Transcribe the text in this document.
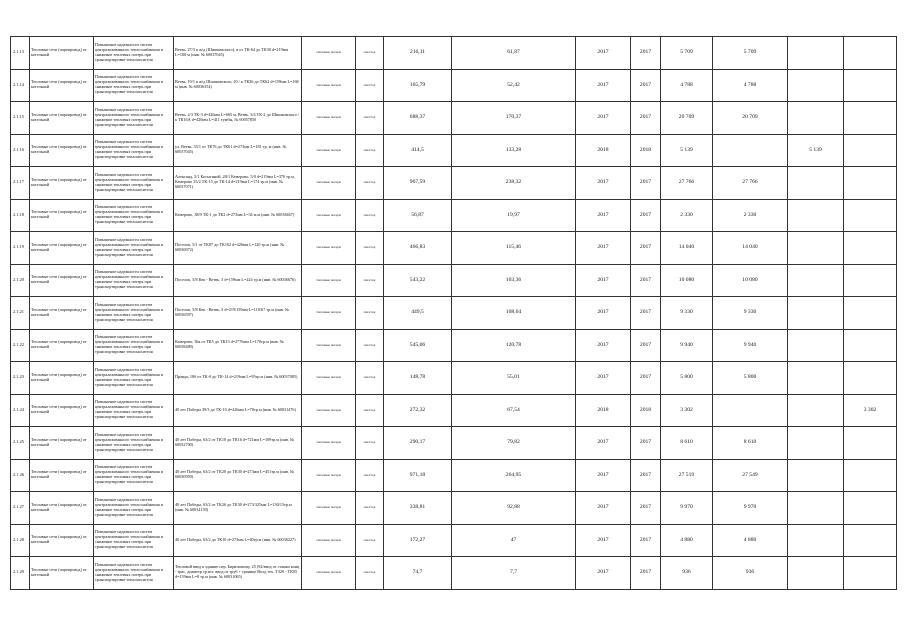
2.1.13	Тепловые сети (паропровод) от котельной	Повышение надежности систем централизованного теплоснабжения и снижение тепловых потерь при транспортировке теплоносителя	Ветвь, 27/3 к ж/д (Шишковского), в от ТК-64 до ТК30 d=219мм L=100 м (инв. № 60037045)	тепловые потери	гкал/год	216,11	61,87	2017	2017	5 709	5 709		
2.1.14	Тепловые сети (паропровод) от котельной	Повышение надежности систем централизованного теплоснабжения и снижение тепловых потерь при транспортировке теплоносителя	Ветвь, 19/1 к ж/д Шишковского, 20 / к ТК36 до ТК62 d=159мм L=168 м (инв. № 60036354)	тепловые потери	гкал/год	165,79	52,42	2017	2017	4 788	4 788		
2.1.15	Тепловые сети (паропровод) от котельной	Повышение надежности систем централизованного теплоснабжения и снижение тепловых потерь при транспортировке теплоносителя	Ветвь, 2/3 ТК-3 d=426мм L=665 м, Ветвь, 3/4 ТК-2 до Шишковского / к ТК16А d=426мм L=411 тумбы, № 60057850	тепловые потери	гкал/год	688,37	170,37	2017	2017	20 709	20 709		
2.1.16	Тепловые сети (паропровод) от котельной	Повышение надежности систем централизованного теплоснабжения и снижение тепловых потерь при транспортировке теплоносителя	ул. Ветвь, 35/1 от ТК76 до ТК61 d=273мм L=181 тр. м (инв. № 60037045)	тепловые потери	гкал/год	414,5	133,28	2018	2018	5 139		5 139	
2.1.17	Тепловые сети (паропровод) от котельной	Повышение надежности систем централизованного теплоснабжения и снижение тепловых потерь при транспортировке теплоносителя	Александ, 5/1 Косыгиной, 20/1 Кемерово, 5/0 d=219мм L=370 тр.м, Кемерово 35/2 ТК-15 до ТК-14 d=219мм L=174 тр.м (инв. № 60037071)	тепловые потери	гкал/год	967,59	238,32	2017	2017	27 766	27 766		
2.1.18	Тепловые сети (паропровод) от котельной	Повышение надежности систем централизованного теплоснабжения и снижение тепловых потерь при транспортировке теплоносителя	Кемерово, 38/9 ТК-1 до ТК2 d=273мм L=34 м.м (инв. № 60038467)	тепловые потери	гкал/год	56,87	19,97	2017	2017	2 330	2 330		
2.1.19	Тепловые сети (паропровод) от котельной	Повышение надежности систем централизованного теплоснабжения и снижение тепловых потерь при транспортировке теплоносителя	Поселок, 5/1 от ТК87 до ТК102 d=426мм L=120 тр.м (инв. № 60036972)	тепловые потери	гкал/год	466,83	115,46	2017	2017	14 040	14 040		
2.1.20	Тепловые сети (паропровод) от котельной	Повышение надежности систем централизованного теплоснабжения и снижение тепловых потерь при транспортировке теплоносителя	Поселок, 5/8 Кек - Ветвь, 3 d=159мм L=224 тр.м (инв. № 60036676)	тепловые потери	гкал/год	543,22	103,36	2017	2017	10 080	10 080		
2.1.21	Тепловые сети (паропровод) от котельной	Повышение надежности систем централизованного теплоснабжения и снижение тепловых потерь при транспортировке теплоносителя	Поселок, 5/8 Кек - Ветвь, 3 d=219/159мм L=110/67 тр.м (инв. № 60036597)	тепловые потери	гкал/год	449,5	108,64	2017	2017	9 330	9 330		
2.1.22	Тепловые сети (паропровод) от котельной	Повышение надежности систем централизованного теплоснабжения и снижение тепловых потерь при транспортировке теплоносителя	Кемерово, 36а от ТК5 до ТК13 d=2*76мм L=170тр.м (инв. № 60038489)	тепловые потери	гкал/год	545,06	120,78	2017	2017	9 940	9 940		
2.1.23	Тепловые сети (паропровод) от котельной	Повышение надежности систем централизованного теплоснабжения и снижение тепловых потерь при транспортировке теплоносителя	Правда, 18б от ТК-0 до ТК-14 d=219мм L=95тр.м (инв. № 60037085)	тепловые потери	гкал/год	148,78	55,01	2017	2017	5 800	5 800		
2.1.24	Тепловые сети (паропровод) от котельной	Повышение надежности систем централизованного теплоснабжения и снижение тепловых потерь при транспортировке теплоносителя	40 лет Победы 39/3 до ТК-10 d=426мм L=70тр.м (инв. № 60031476)	тепловые потери	гкал/год	272,32	67,54	2018	2018	3 302			3 302
2.1.25	Тепловые сети (паропровод) от котельной	Повышение надежности систем централизованного теплоснабжения и снижение тепловых потерь при транспортировке теплоносителя	40 лет Победы, 63/2 от ТК10 до ТК16 d=721мм L=109тр.м (инв. № 60032700)	тепловые потери	гкал/год	290,17	79,82	2017	2017	8 610	8 610		
2.1.26	Тепловые сети (паропровод) от котельной	Повышение надежности систем централизованного теплоснабжения и снижение тепловых потерь при транспортировке теплоносителя	40 лет Победы, 63/2 от ТК20 до ТК30 d=273мм L=451тр.м (инв. № 60030950)	тепловые потери	гкал/год	971,18	264,95	2017	2017	27 519	27 549		
2.1.27	Тепловые сети (паропровод) от котельной	Повышение надежности систем централизованного теплоснабжения и снижение тепловых потерь при транспортировке теплоносителя	40 лет Победы, 63/2 от ТК26 до ТК30 d=273/325мм L=130/13тр.м (инв. № 60034139)	тепловые потери	гкал/год	338,81	92,88	2017	2017	9 970	9 970		
2.1.28	Тепловые сети (паропровод) от котельной	Повышение надежности систем централизованного теплоснабжения и снижение тепловых потерь при транспортировке теплоносителя	40 лет Победы, 63/2 до ТК10 d=273мм L=40тр.м (инв. № 60036227)	тепловые потери	гкал/год	172,27	47	2017	2017	4 880	4 880		
2.1.29	Тепловые сети (паропровод) от котельной	Повышение надежности систем централизованного теплоснабжения и снижение тепловых потерь при транспортировке теплоносителя	Тепловой ввод к зданию пер. Бирюзовому, 25 (92/ввод от станки конц - трас. диаметр тр.вст. ввод от труб + границе Волд тех. ТЗ20 - ТК05 d=159мм L=8 тр.м (инв. № 60031065)	тепловые потери	гкал/год	74,7	7,7	2017	2017	936	936		
